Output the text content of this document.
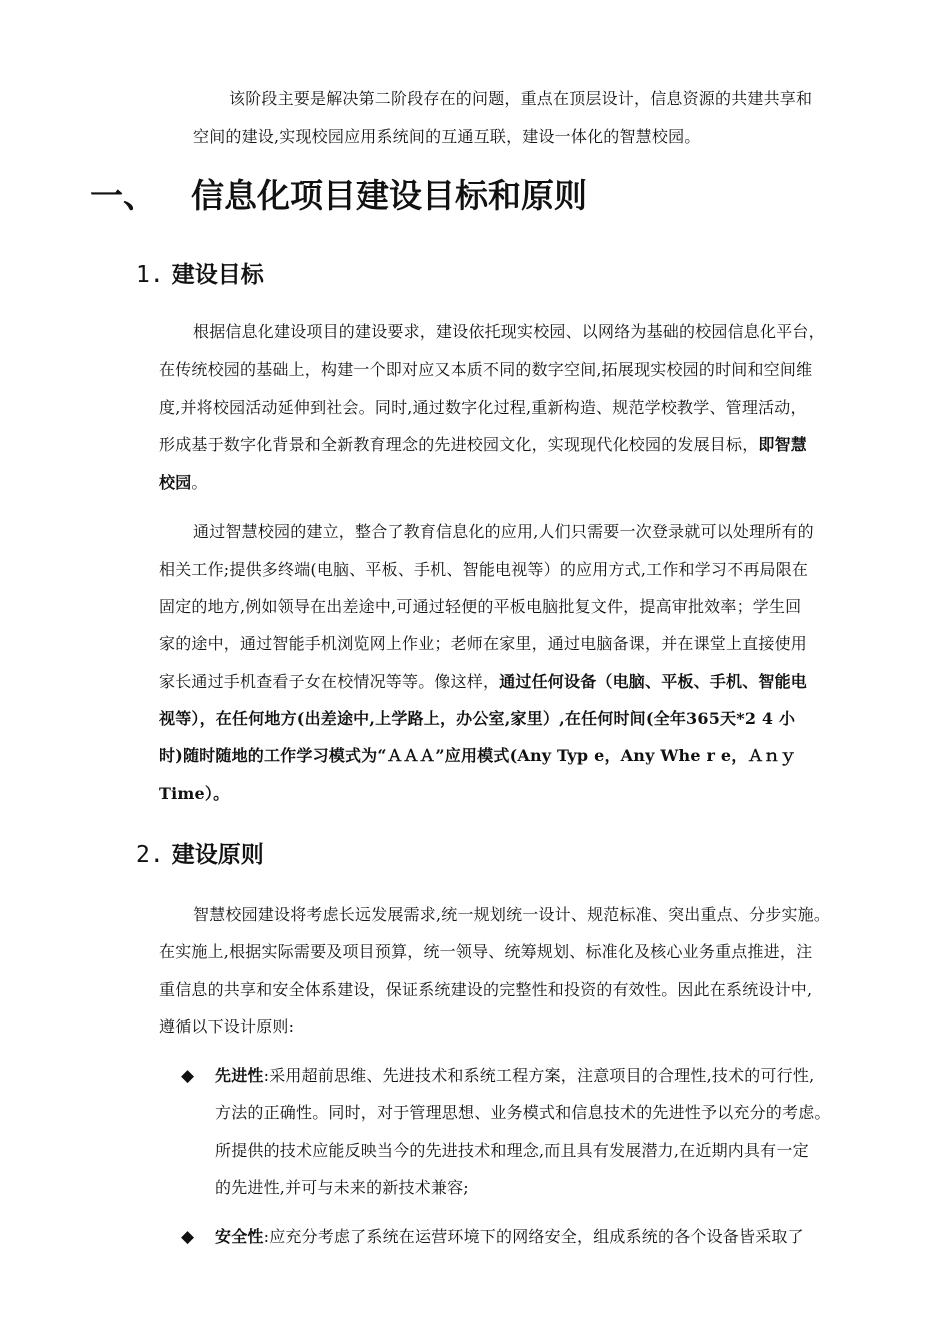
该阶段主要是解决第二阶段存在的问题，重点在顶层设计，信息资源的共建共享和
空间的建设,实现校园应用系统间的互通互联，建设一体化的智慧校园。
一、 信息化项目建设目标和原则
1. 建设目标
根据信息化建设项目的建设要求，建设依托现实校园、以网络为基础的校园信息化平台，
在传统校园的基础上，构建一个即对应又本质不同的数字空间,拓展现实校园的时间和空间维
度,并将校园活动延伸到社会。同时,通过数字化过程,重新构造、规范学校教学、管理活动，
形成基于数字化背景和全新教育理念的先进校园文化，实现现代化校园的发展目标，即智慧
校园。
通过智慧校园的建立，整合了教育信息化的应用,人们只需要一次登录就可以处理所有的
相关工作;提供多终端(电脑、平板、手机、智能电视等）的应用方式,工作和学习不再局限在
固定的地方,例如领导在出差途中,可通过轻便的平板电脑批复文件，提高审批效率；学生回
家的途中，通过智能手机浏览网上作业；老师在家里，通过电脑备课，并在课堂上直接使用
家长通过手机查看子女在校情况等等。像这样，通过任何设备（电脑、平板、手机、智能电
视等），在任何地方(出差途中,上学路上，办公室,家里）,在任何时间(全年365天*2 4 小
时)随时随地的工作学习模式为“ＡＡＡ”应用模式(Any Typ e，Any Whe r e，Ａｎｙ
Time）。
2. 建设原则
智慧校园建设将考虑长远发展需求,统一规划统一设计、规范标准、突出重点、分步实施。
在实施上,根据实际需要及项目预算，统一领导、统筹规划、标准化及核心业务重点推进，注
重信息的共享和安全体系建设，保证系统建设的完整性和投资的有效性。因此在系统设计中,
遵循以下设计原则:
◆ 先进性:采用超前思维、先进技术和系统工程方案，注意项目的合理性,技术的可行性,
方法的正确性。同时，对于管理思想、业务模式和信息技术的先进性予以充分的考虑。
所提供的技术应能反映当今的先进技术和理念,而且具有发展潜力,在近期内具有一定
的先进性,并可与未来的新技术兼容;
◆ 安全性:应充分考虑了系统在运营环境下的网络安全，组成系统的各个设备皆采取了
